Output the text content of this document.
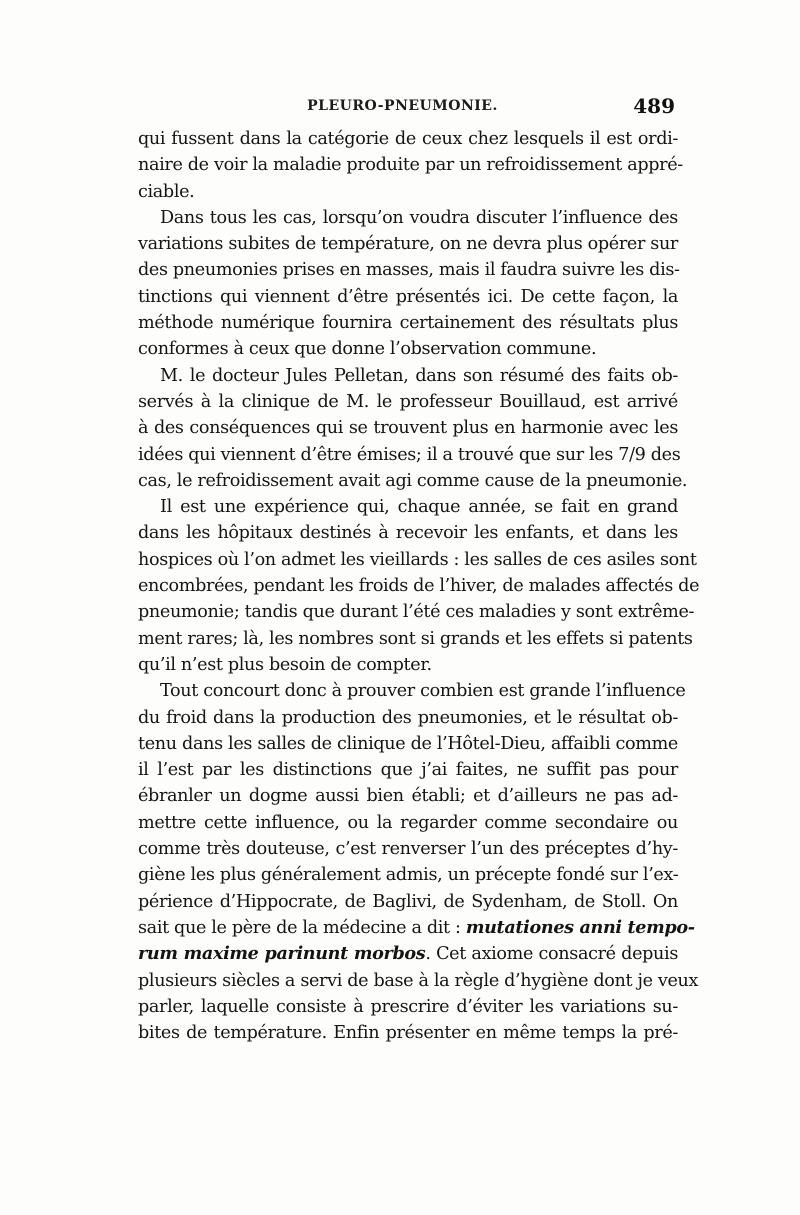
PLEURO-PNEUMONIE.	489
qui fussent dans la catégorie de ceux chez lesquels il est ordi-
naire de voir la maladie produite par un refroidissement appré-
ciable.
Dans tous les cas, lorsqu’on voudra discuter l’influence des
variations subites de température, on ne devra plus opérer sur
des pneumonies prises en masses, mais il faudra suivre les dis-
tinctions qui viennent d’être présentés ici. De cette façon, la
méthode numérique fournira certainement des résultats plus
conformes à ceux que donne l’observation commune.
M. le docteur Jules Pelletan, dans son résumé des faits ob-
servés à la clinique de M. le professeur Bouillaud, est arrivé
à des conséquences qui se trouvent plus en harmonie avec les
idées qui viennent d’être émises; il a trouvé que sur les 7/9 des
cas, le refroidissement avait agi comme cause de la pneumonie.
Il est une expérience qui, chaque année, se fait en grand
dans les hôpitaux destinés à recevoir les enfants, et dans les
hospices où l’on admet les vieillards : les salles de ces asiles sont
encombrées, pendant les froids de l’hiver, de malades affectés de
pneumonie; tandis que durant l’été ces maladies y sont extrême-
ment rares; là, les nombres sont si grands et les effets si patents
qu’il n’est plus besoin de compter.
Tout concourt donc à prouver combien est grande l’influence
du froid dans la production des pneumonies, et le résultat ob-
tenu dans les salles de clinique de l’Hôtel-Dieu, affaibli comme
il l’est par les distinctions que j’ai faites, ne suffit pas pour
ébranler un dogme aussi bien établi; et d’ailleurs ne pas ad-
mettre cette influence, ou la regarder comme secondaire ou
comme très douteuse, c’est renverser l’un des préceptes d’hy-
giène les plus généralement admis, un précepte fondé sur l’ex-
périence d’Hippocrate, de Baglivi, de Sydenham, de Stoll. On
sait que le père de la médecine a dit : mutationes anni tempo-
rum maxime parinunt morbos. Cet axiome consacré depuis
plusieurs siècles a servi de base à la règle d’hygiène dont je veux
parler, laquelle consiste à prescrire d’éviter les variations su-
bites de température. Enfin présenter en même temps la pré-
